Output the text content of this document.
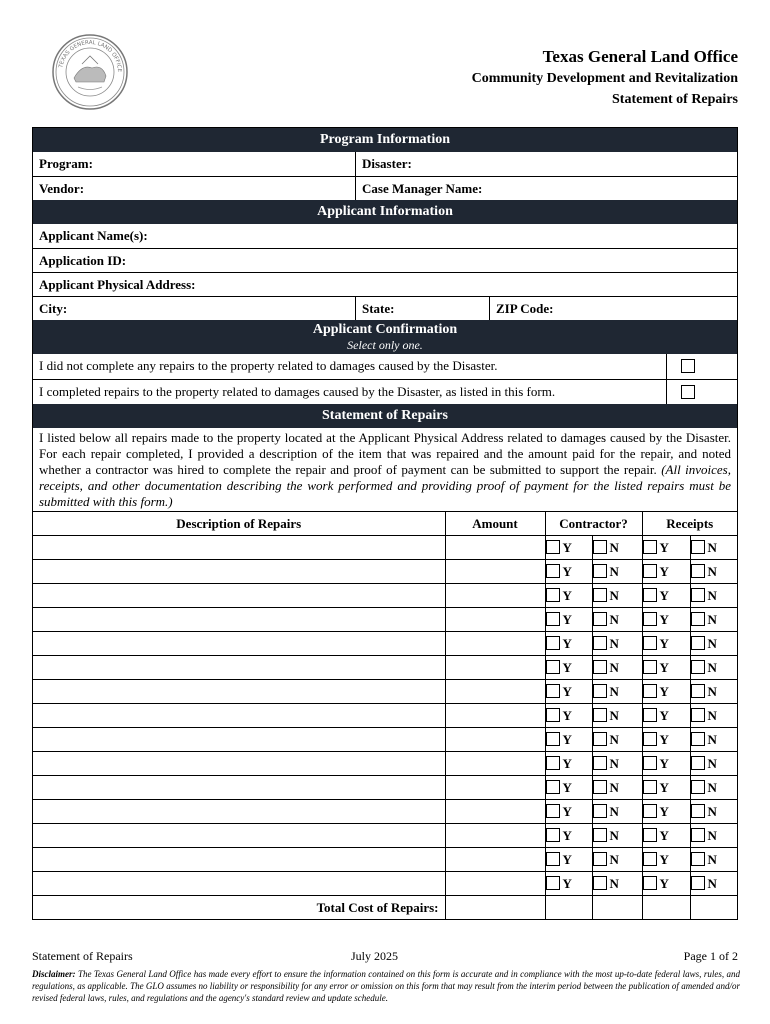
TEXAS GENERAL LAND OFFICE
Texas General Land Office
Community Development and Revitalization
Statement of Repairs
Program Information
Program:	Disaster:
Vendor:	Case Manager Name:
Applicant Information
Applicant Name(s):
Application ID:
Applicant Physical Address:
City:	State:	ZIP Code:
Applicant Confirmation
Select only one.
I did not complete any repairs to the property related to damages caused by the Disaster.
I completed repairs to the property related to damages caused by the Disaster, as listed in this form.
Statement of Repairs
I listed below all repairs made to the property located at the Applicant Physical Address related to damages caused by the Disaster. For each repair completed, I provided a description of the item that was repaired and the amount paid for the repair, and noted whether a contractor was hired to complete the repair and proof of payment can be submitted to support the repair. (All invoices, receipts, and other documentation describing the work performed and providing proof of payment for the listed repairs must be submitted with this form.)
Description of Repairs	Amount	Contractor?		Receipts	
		Y	N	Y	N
		Y	N	Y	N
		Y	N	Y	N
		Y	N	Y	N
		Y	N	Y	N
		Y	N	Y	N
		Y	N	Y	N
		Y	N	Y	N
		Y	N	Y	N
		Y	N	Y	N
		Y	N	Y	N
		Y	N	Y	N
		Y	N	Y	N
		Y	N	Y	N
		Y	N	Y	N
Total Cost of Repairs:					
Statement of Repairs	July 2025	Page 1 of 2
Disclaimer: The Texas General Land Office has made every effort to ensure the information contained on this form is accurate and in compliance with the most up-to-date federal laws, rules, and regulations, as applicable. The GLO assumes no liability or responsibility for any error or omission on this form that may result from the interim period between the publication of amended and/or revised federal laws, rules, and regulations and the agency's standard review and update schedule.
